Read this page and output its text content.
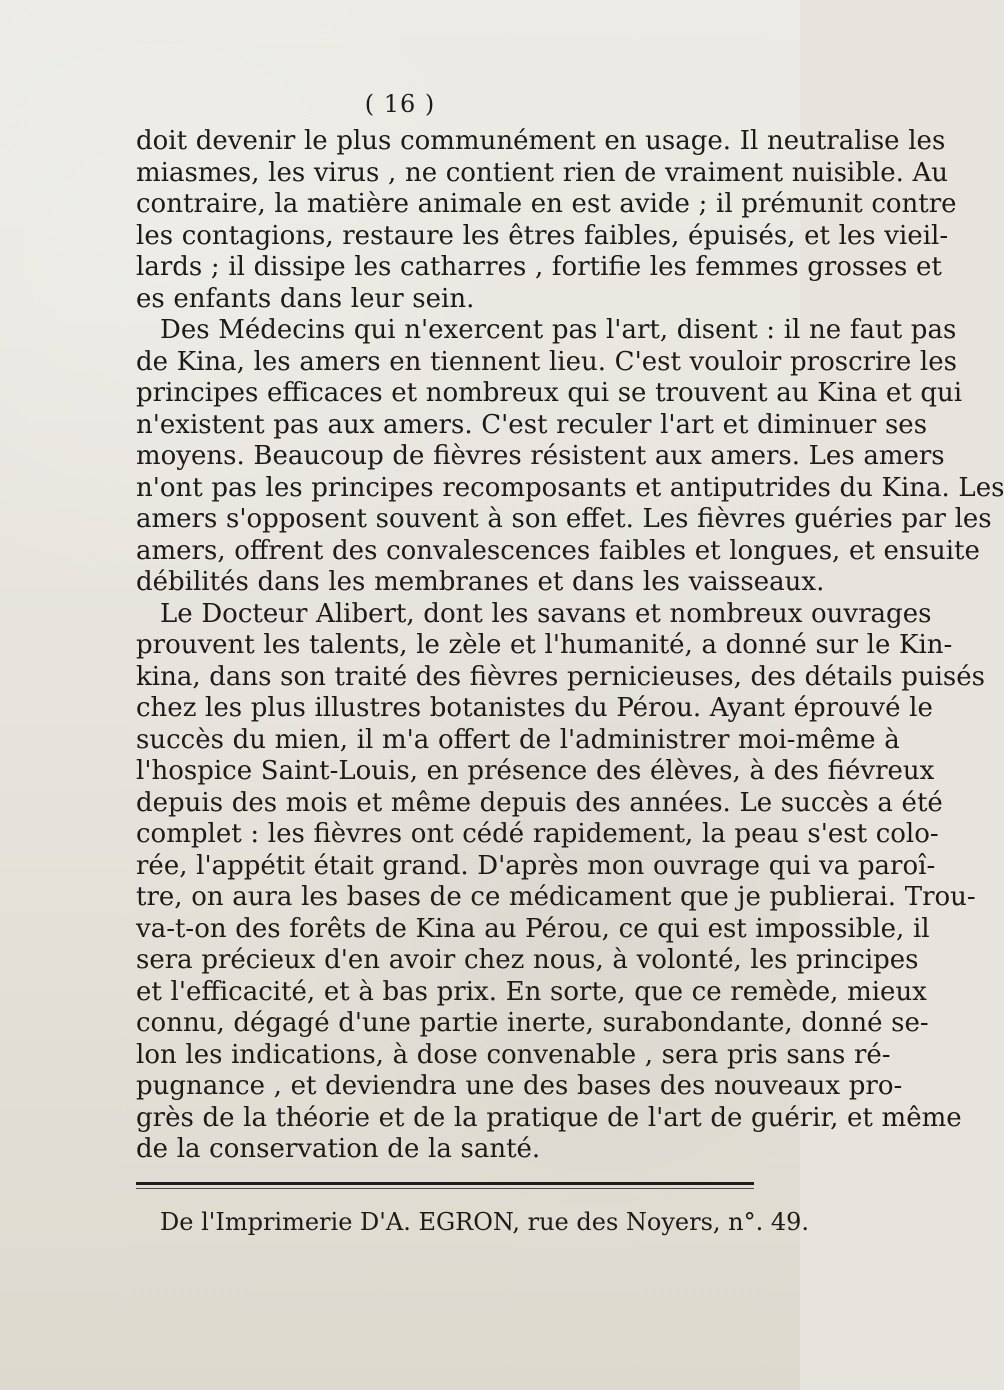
( 16 )

doit devenir le plus communément en usage. Il neutralise les
miasmes, les virus , ne contient rien de vraiment nuisible. Au
contraire, la matière animale en est avide ; il prémunit contre
les contagions, restaure les êtres faibles, épuisés, et les vieil-
lards ; il dissipe les catharres , fortifie les femmes grosses et
es enfants dans leur sein.

Des Médecins qui n'exercent pas l'art, disent : il ne faut pas
de Kina, les amers en tiennent lieu. C'est vouloir proscrire les
principes efficaces et nombreux qui se trouvent au Kina et qui
n'existent pas aux amers. C'est reculer l'art et diminuer ses
moyens. Beaucoup de fièvres résistent aux amers. Les amers
n'ont pas les principes recomposants et antiputrides du Kina. Les
amers s'opposent souvent à son effet. Les fièvres guéries par les
amers, offrent des convalescences faibles et longues, et ensuite
débilités dans les membranes et dans les vaisseaux.

Le Docteur Alibert, dont les savans et nombreux ouvrages
prouvent les talents, le zèle et l'humanité, a donné sur le Kin-
kina, dans son traité des fièvres pernicieuses, des détails puisés
chez les plus illustres botanistes du Pérou. Ayant éprouvé le
succès du mien, il m'a offert de l'administrer moi-même à
l'hospice Saint-Louis, en présence des élèves, à des fiévreux
depuis des mois et même depuis des années. Le succès a été
complet : les fièvres ont cédé rapidement, la peau s'est colo-
rée, l'appétit était grand. D'après mon ouvrage qui va paroî-
tre, on aura les bases de ce médicament que je publierai. Trou-
va-t-on des forêts de Kina au Pérou, ce qui est impossible, il
sera précieux d'en avoir chez nous, à volonté, les principes
et l'efficacité, et à bas prix. En sorte, que ce remède, mieux
connu, dégagé d'une partie inerte, surabondante, donné se-
lon les indications, à dose convenable , sera pris sans ré-
pugnance , et deviendra une des bases des nouveaux pro-
grès de la théorie et de la pratique de l'art de guérir, et même
de la conservation de la santé.

De l'Imprimerie D'A. EGRON, rue des Noyers, n°. 49.
